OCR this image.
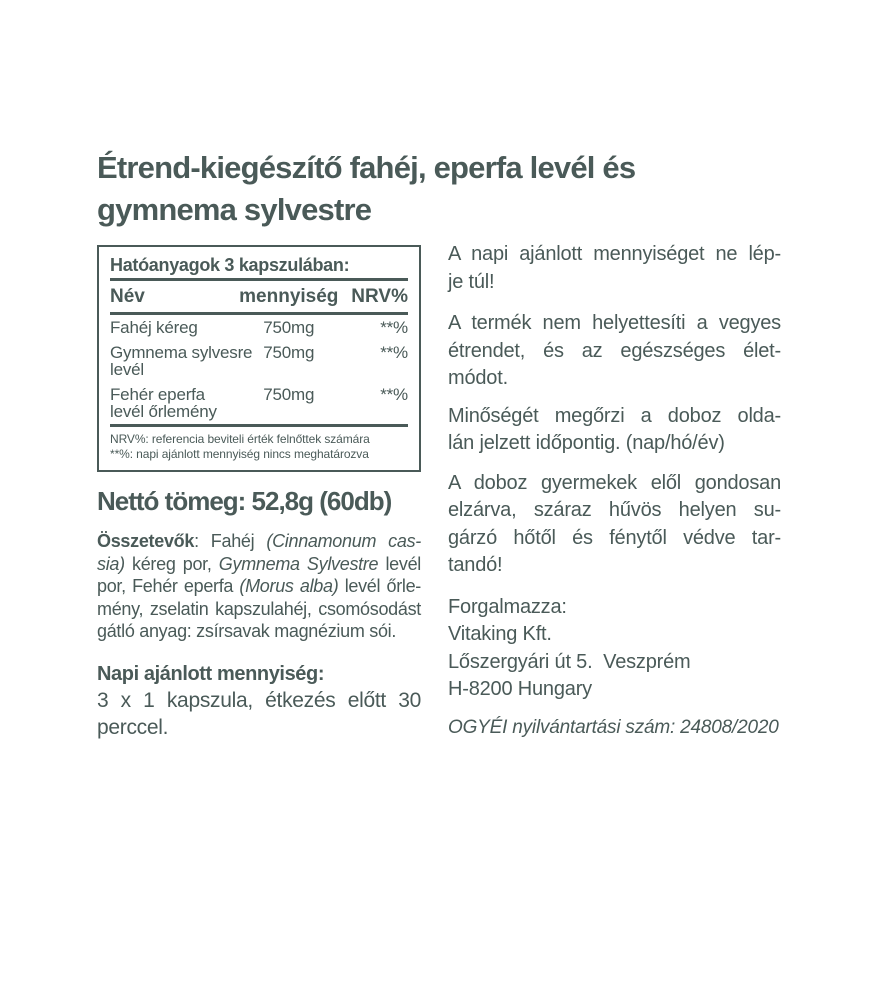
Étrend-kiegészítő fahéj, eperfa levél és
gymnema sylvestre
Hatóanyagok 3 kapszulában:
Név	mennyiség NRV%
Fahéj kéreg	750mg	**%
Gymnema sylvesre
levél
750mg	**%
Fehér eperfa
levél őrlemény
750mg	**%
NRV%: referencia beviteli érték felnőttek számára
**%: napi ajánlott mennyiség nincs meghatározva
Nettó tömeg: 52,8g (60db)
Összetevők: Fahéj (Cinnamonum cas-
sia) kéreg por, Gymnema Sylvestre levél
por, Fehér eperfa (Morus alba) levél őrle-
mény, zselatin kapszulahéj, csomósodást
gátló anyag: zsírsavak magnézium sói.
Napi ajánlott mennyiség:
3 x 1 kapszula, étkezés előtt 30
perccel.
A napi ajánlott mennyiséget ne lép-
je túl!
A termék nem helyettesíti a vegyes
étrendet, és az egészséges élet-
módot.
Minőségét megőrzi a doboz olda-
lán jelzett időpontig. (nap/hó/év)
A doboz gyermekek elől gondosan
elzárva, száraz hűvös helyen su-
gárzó hőtől és fénytől védve tar-
tandó!
Forgalmazza:
Vitaking Kft.
Lőszergyári út 5.  Veszprém
H-8200 Hungary
OGYÉI nyilvántartási szám: 24808/2020
